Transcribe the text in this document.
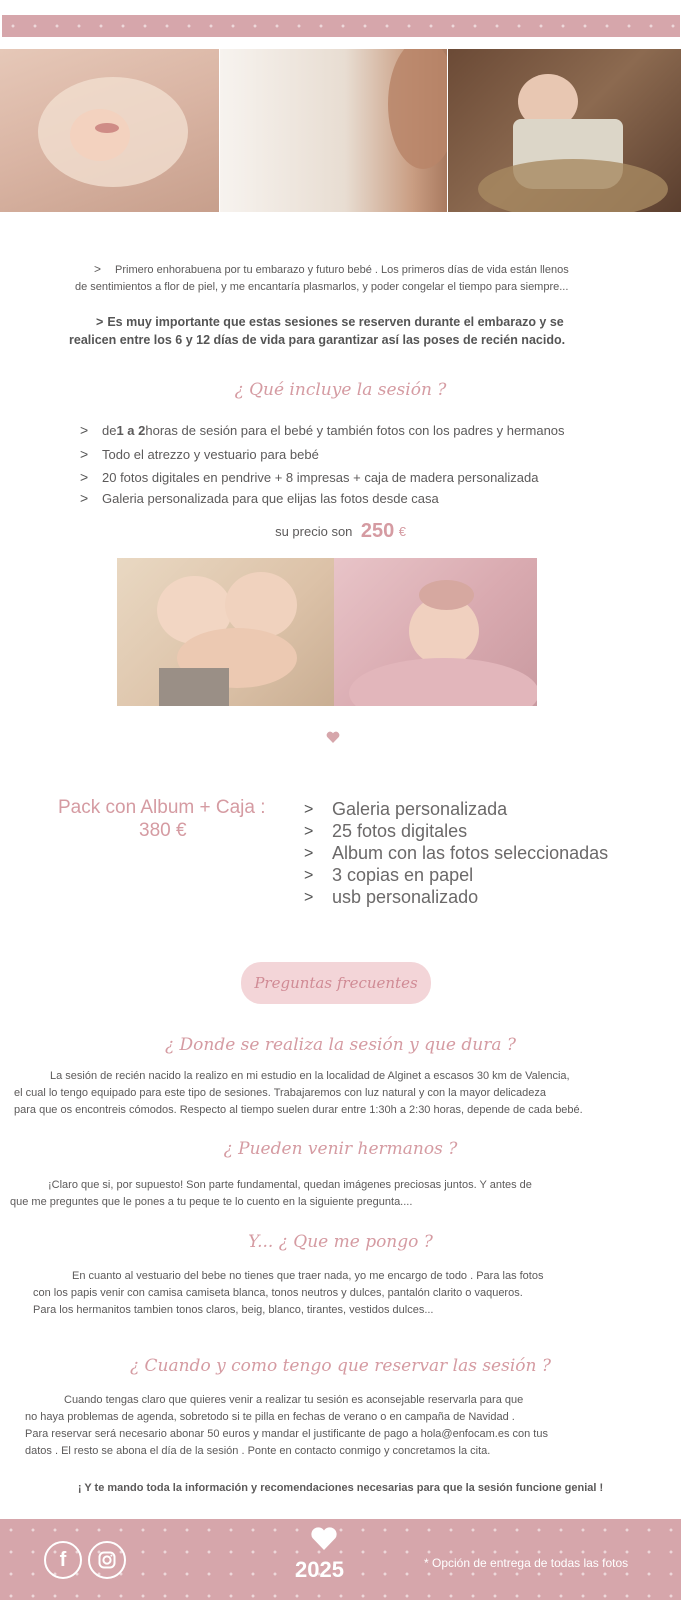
> Primero enhorabuena por tu embarazo y futuro bebé . Los primeros días de vida están llenos

de sentimientos a flor de piel, y me encantaría plasmarlos, y poder congelar el tiempo para siempre...

> Es muy importante que estas sesiones se reserven durante el embarazo y se

realicen entre los 6 y 12 días de vida para garantizar así las poses de recién nacido.

¿ Qué incluye la sesión ?

>	de 1 a 2 horas de sesión para el bebé y también fotos con los padres y hermanos
>	Todo el atrezzo y vestuario para bebé
>	20 fotos digitales en pendrive + 8 impresas + caja de madera personalizada
>	Galeria personalizada para que elijas las fotos desde casa
su precio son 250 €

Pack con Album + Caja :

380 €

>	Galeria personalizada
>	25 fotos digitales
>	Album con las fotos seleccionadas
>	3 copias en papel
>	usb personalizado
Preguntas frecuentes

¿ Donde se realiza la sesión y que dura ?

La sesión de recién nacido la realizo en mi estudio en la localidad de Alginet a escasos 30 km de Valencia,

el cual lo tengo equipado para este tipo de sesiones. Trabajaremos con luz natural y con la mayor delicadeza

para que os encontreis cómodos. Respecto al tiempo suelen durar entre 1:30h a 2:30 horas, depende de cada bebé.

¿ Pueden venir hermanos ?

¡Claro que si, por supuesto! Son parte fundamental, quedan imágenes preciosas juntos. Y antes de

que me preguntes que le pones a tu peque te lo cuento en la siguiente pregunta....

Y... ¿ Que me pongo ?

En cuanto al vestuario del bebe no tienes que traer nada, yo me encargo de todo . Para las fotos

con los papis venir con camisa camiseta blanca, tonos neutros y dulces, pantalón clarito o vaqueros.

Para los hermanitos tambien tonos claros, beig, blanco, tirantes, vestidos dulces...

¿ Cuando y como tengo que reservar las sesión ?

Cuando tengas claro que quieres venir a realizar tu sesión es aconsejable reservarla para que

no haya problemas de agenda, sobretodo si te pilla en fechas de verano o en campaña de Navidad .

Para reservar será necesario abonar 50 euros y mandar el justificante de pago a hola@enfocam.es con tus

datos . El resto se abona el día de la sesión . Ponte en contacto conmigo y concretamos la cita.

¡ Y te mando toda la información y recomendaciones necesarias para que la sesión funcione genial !

f	2025	* Opción de entrega de todas las fotos
